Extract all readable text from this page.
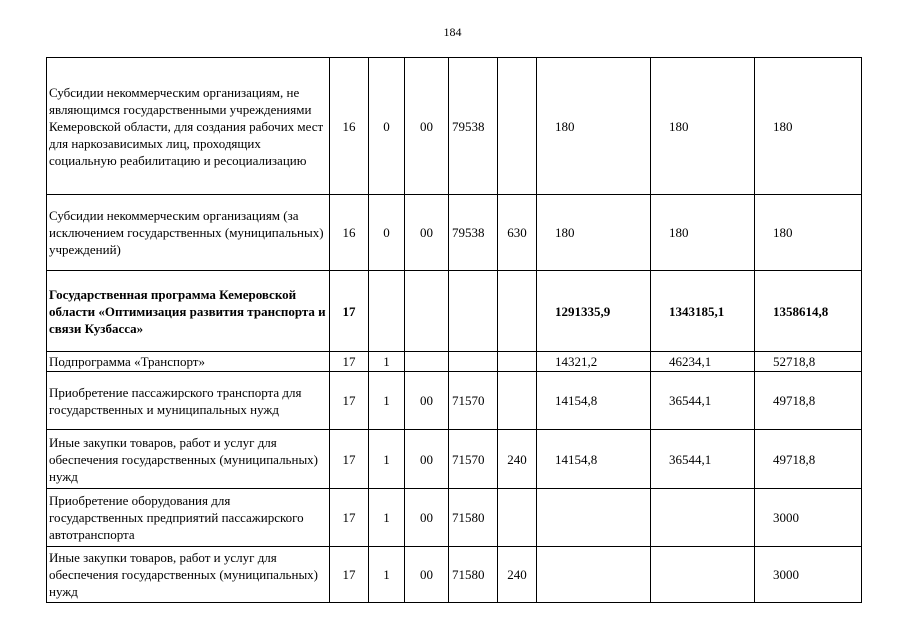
184
Субсидии некоммерческим организациям, не являющимся государственными учреждениями Кемеровской области, для создания рабочих мест для наркозависимых лиц, проходящих социальную реабилитацию и ресоциализацию	16	0	00	79538		180	180	180
Субсидии некоммерческим организациям (за исключением государственных (муниципальных) учреждений)	16	0	00	79538	630	180	180	180
Государственная программа Кемеровской области «Оптимизация развития транспорта и связи Кузбасса»	17					1291335,9	1343185,1	1358614,8
Подпрограмма «Транспорт»	17	1				14321,2	46234,1	52718,8
Приобретение пассажирского транспорта для государственных и муниципальных нужд	17	1	00	71570		14154,8	36544,1	49718,8
Иные закупки товаров, работ и услуг для обеспечения государственных (муниципальных) нужд	17	1	00	71570	240	14154,8	36544,1	49718,8
Приобретение оборудования для государственных предприятий пассажирского автотранспорта	17	1	00	71580				3000
Иные закупки товаров, работ и услуг для обеспечения государственных (муниципальных) нужд	17	1	00	71580	240			3000
